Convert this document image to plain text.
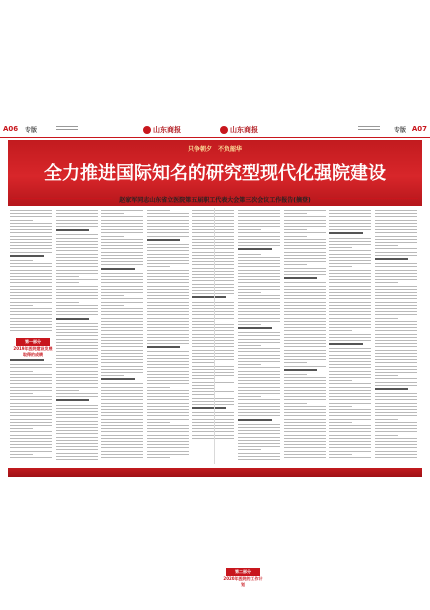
A06 专版	山东商报	山东商报	专版 A07
只争朝夕　不负韶华
全力推进国际知名的研究型现代化强院建设
赵家军同志山东省立医院第五届职工代表大会第三次会议工作报告(摘登)
第一部分
2019年医院建设发展取得的成绩
第二部分
2020年医院的工作计划
